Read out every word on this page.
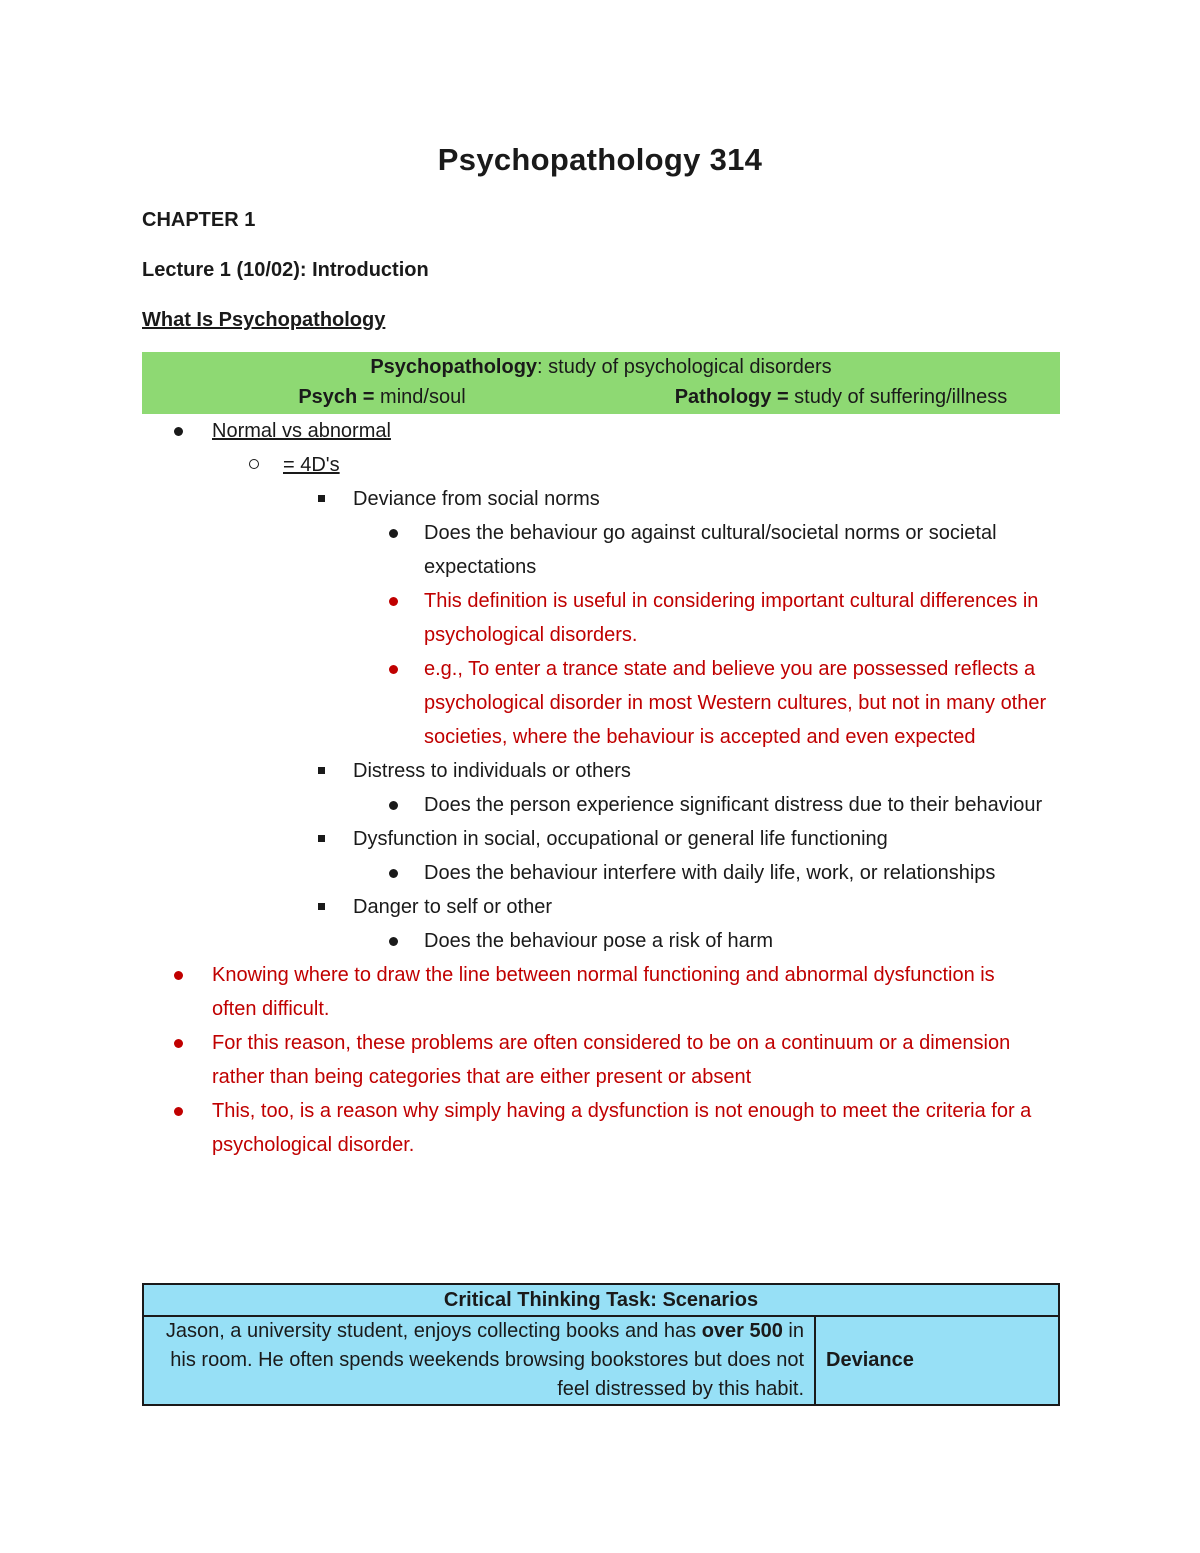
Psychopathology 314
CHAPTER 1
Lecture 1 (10/02): Introduction
What Is Psychopathology
Psychopathology: study of psychological disorders
Psych = mind/soul	Pathology = study of suffering/illness
Normal vs abnormal
= 4D's
Deviance from social norms
Does the behaviour go against cultural/societal norms or societal expectations
This definition is useful in considering important cultural differences in psychological disorders.
e.g., To enter a trance state and believe you are possessed reflects a psychological disorder in most Western cultures, but not in many other societies, where the behaviour is accepted and even expected
Distress to individuals or others
Does the person experience significant distress due to their behaviour
Dysfunction in social, occupational or general life functioning
Does the behaviour interfere with daily life, work, or relationships
Danger to self or other
Does the behaviour pose a risk of harm
Knowing where to draw the line between normal functioning and abnormal dysfunction is often difficult.
For this reason, these problems are often considered to be on a continuum or a dimension rather than being categories that are either present or absent
This, too, is a reason why simply having a dysfunction is not enough to meet the criteria for a psychological disorder.
Critical Thinking Task: Scenarios
Jason, a university student, enjoys collecting books and has over 500 in his room. He often spends weekends browsing bookstores but does not feel distressed by this habit.	Deviance
